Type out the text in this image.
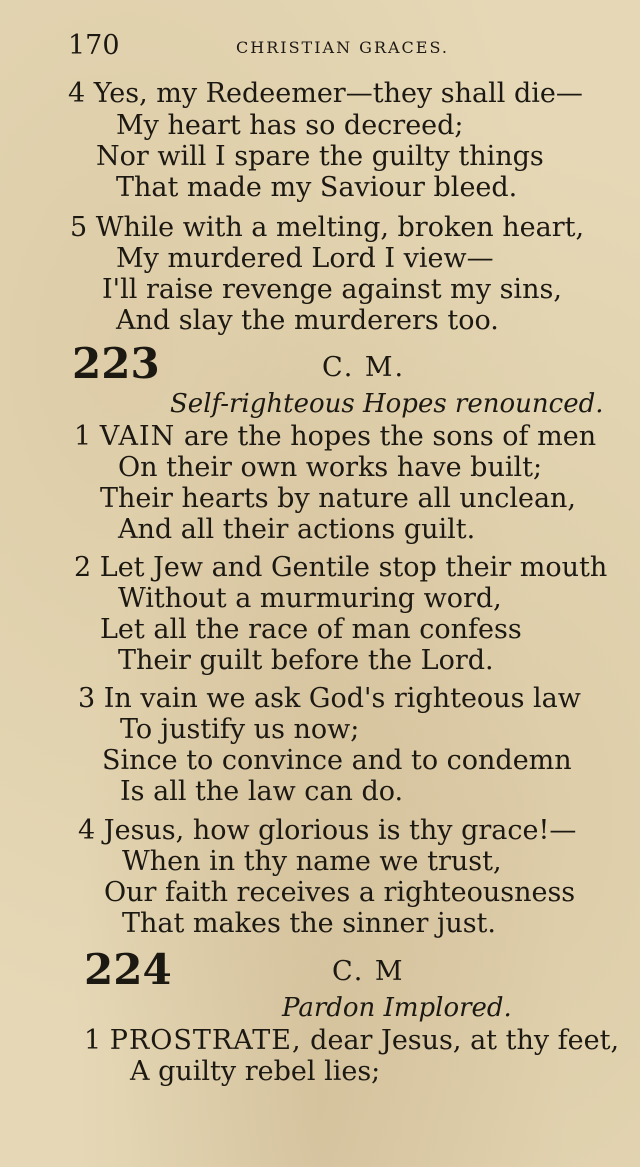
170	CHRISTIAN GRACES.
4 Yes, my Redeemer—they shall die—
My heart has so decreed;
Nor will I spare the guilty things
That made my Saviour bleed.
5 While with a melting, broken heart,
My murdered Lord I view—
I'll raise revenge against my sins,
And slay the murderers too.
223	C. M.
Self-righteous Hopes renounced.
1 VAIN are the hopes the sons of men
On their own works have built;
Their hearts by nature all unclean,
And all their actions guilt.
2 Let Jew and Gentile stop their mouth
Without a murmuring word,
Let all the race of man confess
Their guilt before the Lord.
3 In vain we ask God's righteous law
To justify us now;
Since to convince and to condemn
Is all the law can do.
4 Jesus, how glorious is thy grace!—
When in thy name we trust,
Our faith receives a righteousness
That makes the sinner just.
224	C. M
Pardon Implored.
1 PROSTRATE, dear Jesus, at thy feet,
A guilty rebel lies;
